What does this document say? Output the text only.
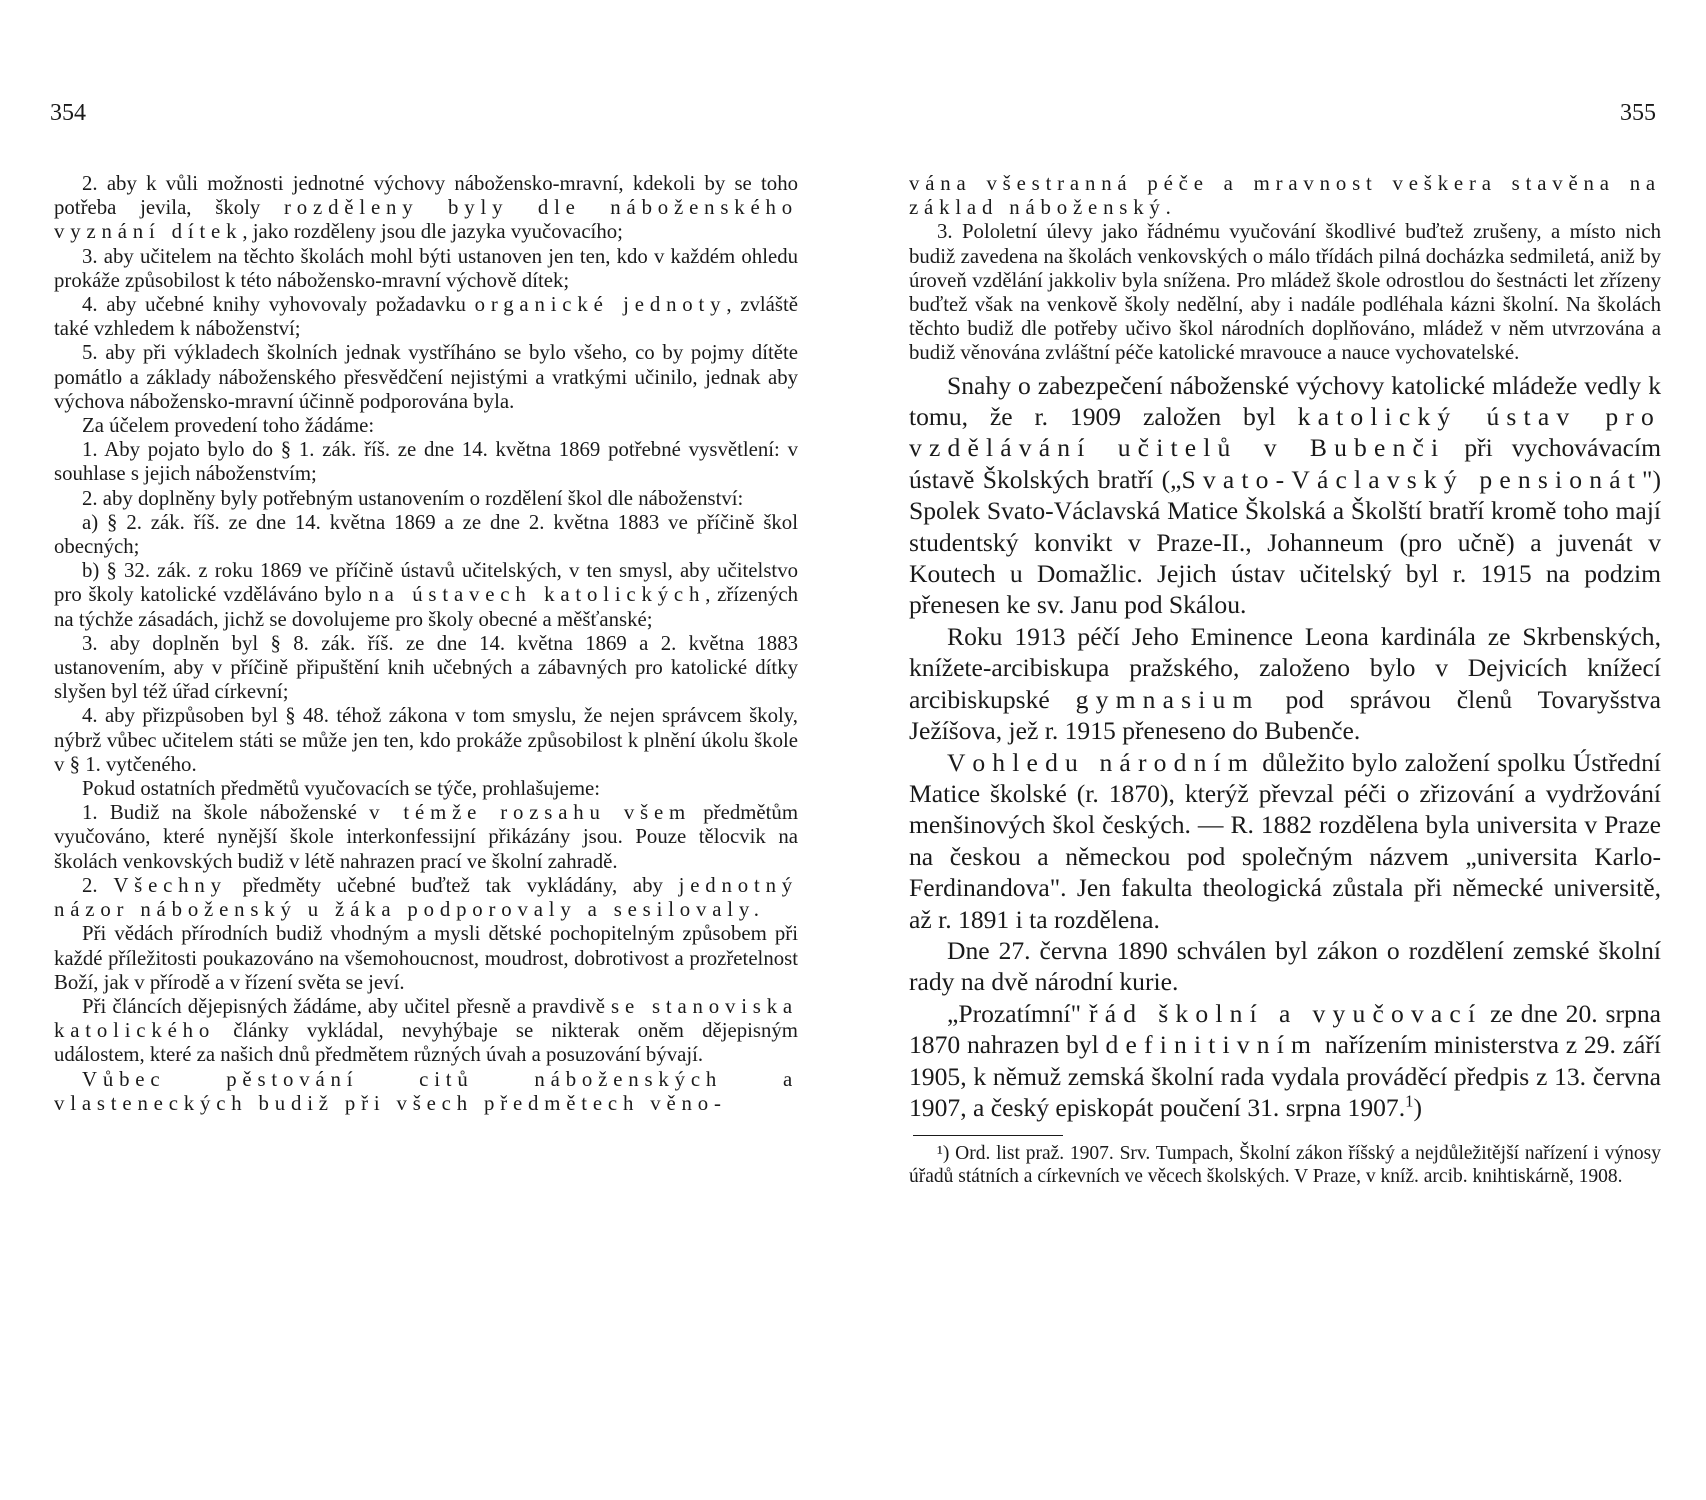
354

2. aby k vůli možnosti jednotné výchovy nábožensko-mravní, kdekoli by se toho potřeba jevila, školy rozděleny byly dle náboženského vyznání dítek, jako rozděleny jsou dle jazyka vyučovacího;

3. aby učitelem na těchto školách mohl býti ustanoven jen ten, kdo v každém ohledu prokáže způsobilost k této nábožensko-mravní výchově dítek;

4. aby učebné knihy vyhovovaly požadavku organické jednoty, zvláště také vzhledem k náboženství;

5. aby při výkladech školních jednak vystříháno se bylo všeho, co by pojmy dítěte pomátlo a základy náboženského přesvědčení nejistými a vratkými učinilo, jednak aby výchova nábožensko-mravní účinně podporována byla.

Za účelem provedení toho žádáme:

1. Aby pojato bylo do § 1. zák. říš. ze dne 14. května 1869 potřebné vysvětlení: v souhlase s jejich náboženstvím;

2. aby doplněny byly potřebným ustanovením o rozdělení škol dle náboženství:

a) § 2. zák. říš. ze dne 14. května 1869 a ze dne 2. května 1883 ve příčině škol obecných;

b) § 32. zák. z roku 1869 ve příčině ústavů učitelských, v ten smysl, aby učitelstvo pro školy katolické vzděláváno bylo na ústavech katolických, zřízených na týchže zásadách, jichž se dovolujeme pro školy obecné a měšťanské;

3. aby doplněn byl § 8. zák. říš. ze dne 14. května 1869 a 2. května 1883 ustanovením, aby v příčině připuštění knih učebných a zábavných pro katolické dítky slyšen byl též úřad církevní;

4. aby přizpůsoben byl § 48. téhož zákona v tom smyslu, že nejen správcem školy, nýbrž vůbec učitelem státi se může jen ten, kdo prokáže způsobilost k plnění úkolu škole v § 1. vytčeného.

Pokud ostatních předmětů vyučovacích se týče, prohlašujeme:

1. Budiž na škole náboženské v témže rozsahu všem předmětům vyučováno, které nynější škole interkonfessijní přikázány jsou. Pouze tělocvik na školách venkovských budiž v létě nahrazen prací ve školní zahradě.

2. Všechny předměty učebné buďtež tak vykládány, aby jednotný názor náboženský u žáka podporovaly a sesilovaly.

Při vědách přírodních budiž vhodným a mysli dětské pochopitelným způsobem při každé příležitosti poukazováno na všemohoucnost, moudrost, dobrotivost a prozřetelnost Boží, jak v přírodě a v řízení světa se jeví.

Při článcích dějepisných žádáme, aby učitel přesně a pravdivě se stanoviska katolického články vykládal, nevyhýbaje se nikterak oněm dějepisným událostem, které za našich dnů předmětem různých úvah a posuzování bývají.

Vůbec pěstování citů náboženských a vlasteneckých budiž při všech předmětech věno-

355

vána všestranná péče a mravnost veškera stavěna na základ náboženský.

3. Pololetní úlevy jako řádnému vyučování škodlivé buďtež zrušeny, a místo nich budiž zavedena na školách venkovských o málo třídách pilná docházka sedmiletá, aniž by úroveň vzdělání jakkoliv byla snížena. Pro mládež škole odrostlou do šestnácti let zřízeny buďtež však na venkově školy nedělní, aby i nadále podléhala kázni školní. Na školách těchto budiž dle potřeby učivo škol národních doplňováno, mládež v něm utvrzována a budiž věnována zvláštní péče katolické mravouce a nauce vychovatelské.

Snahy o zabezpečení náboženské výchovy katolické mládeže vedly k tomu, že r. 1909 založen byl katolický ústav pro vzdělávání učitelů v Bubenči při vychovávacím ústavě Školských bratří („Svato-Václavský pensionát") Spolek Svato-Václavská Matice Školská a Školští bratří kromě toho mají studentský konvikt v Praze-II., Johanneum (pro učně) a juvenát v Koutech u Domažlic. Jejich ústav učitelský byl r. 1915 na podzim přenesen ke sv. Janu pod Skálou.

Roku 1913 péčí Jeho Eminence Leona kardinála ze Skrbenských, knížete-arcibiskupa pražského, založeno bylo v Dejvicích knížecí arcibiskupské gymnasium pod správou členů Tovaryšstva Ježíšova, jež r. 1915 přeneseno do Bubenče.

V ohledu národním důležito bylo založení spolku Ústřední Matice školské (r. 1870), kterýž převzal péči o zřizování a vydržování menšinových škol českých. — R. 1882 rozdělena byla universita v Praze na českou a německou pod společným názvem „universita Karlo-Ferdinandova". Jen fakulta theologická zůstala při německé universitě, až r. 1891 i ta rozdělena.

Dne 27. června 1890 schválen byl zákon o rozdělení zemské školní rady na dvě národní kurie.

„Prozatímní" řád školní a vyučovací ze dne 20. srpna 1870 nahrazen byl definitivním nařízením ministerstva z 29. září 1905, k němuž zemská školní rada vydala prováděcí předpis z 13. června 1907, a český episkopát poučení 31. srpna 1907.$^1$)

¹) Ord. list praž. 1907. Srv. Tumpach, Školní zákon říšský a nejdůležitější nařízení i výnosy úřadů státních a církevních ve věcech školských. V Praze, v kníž. arcib. knihtiskárně, 1908.
